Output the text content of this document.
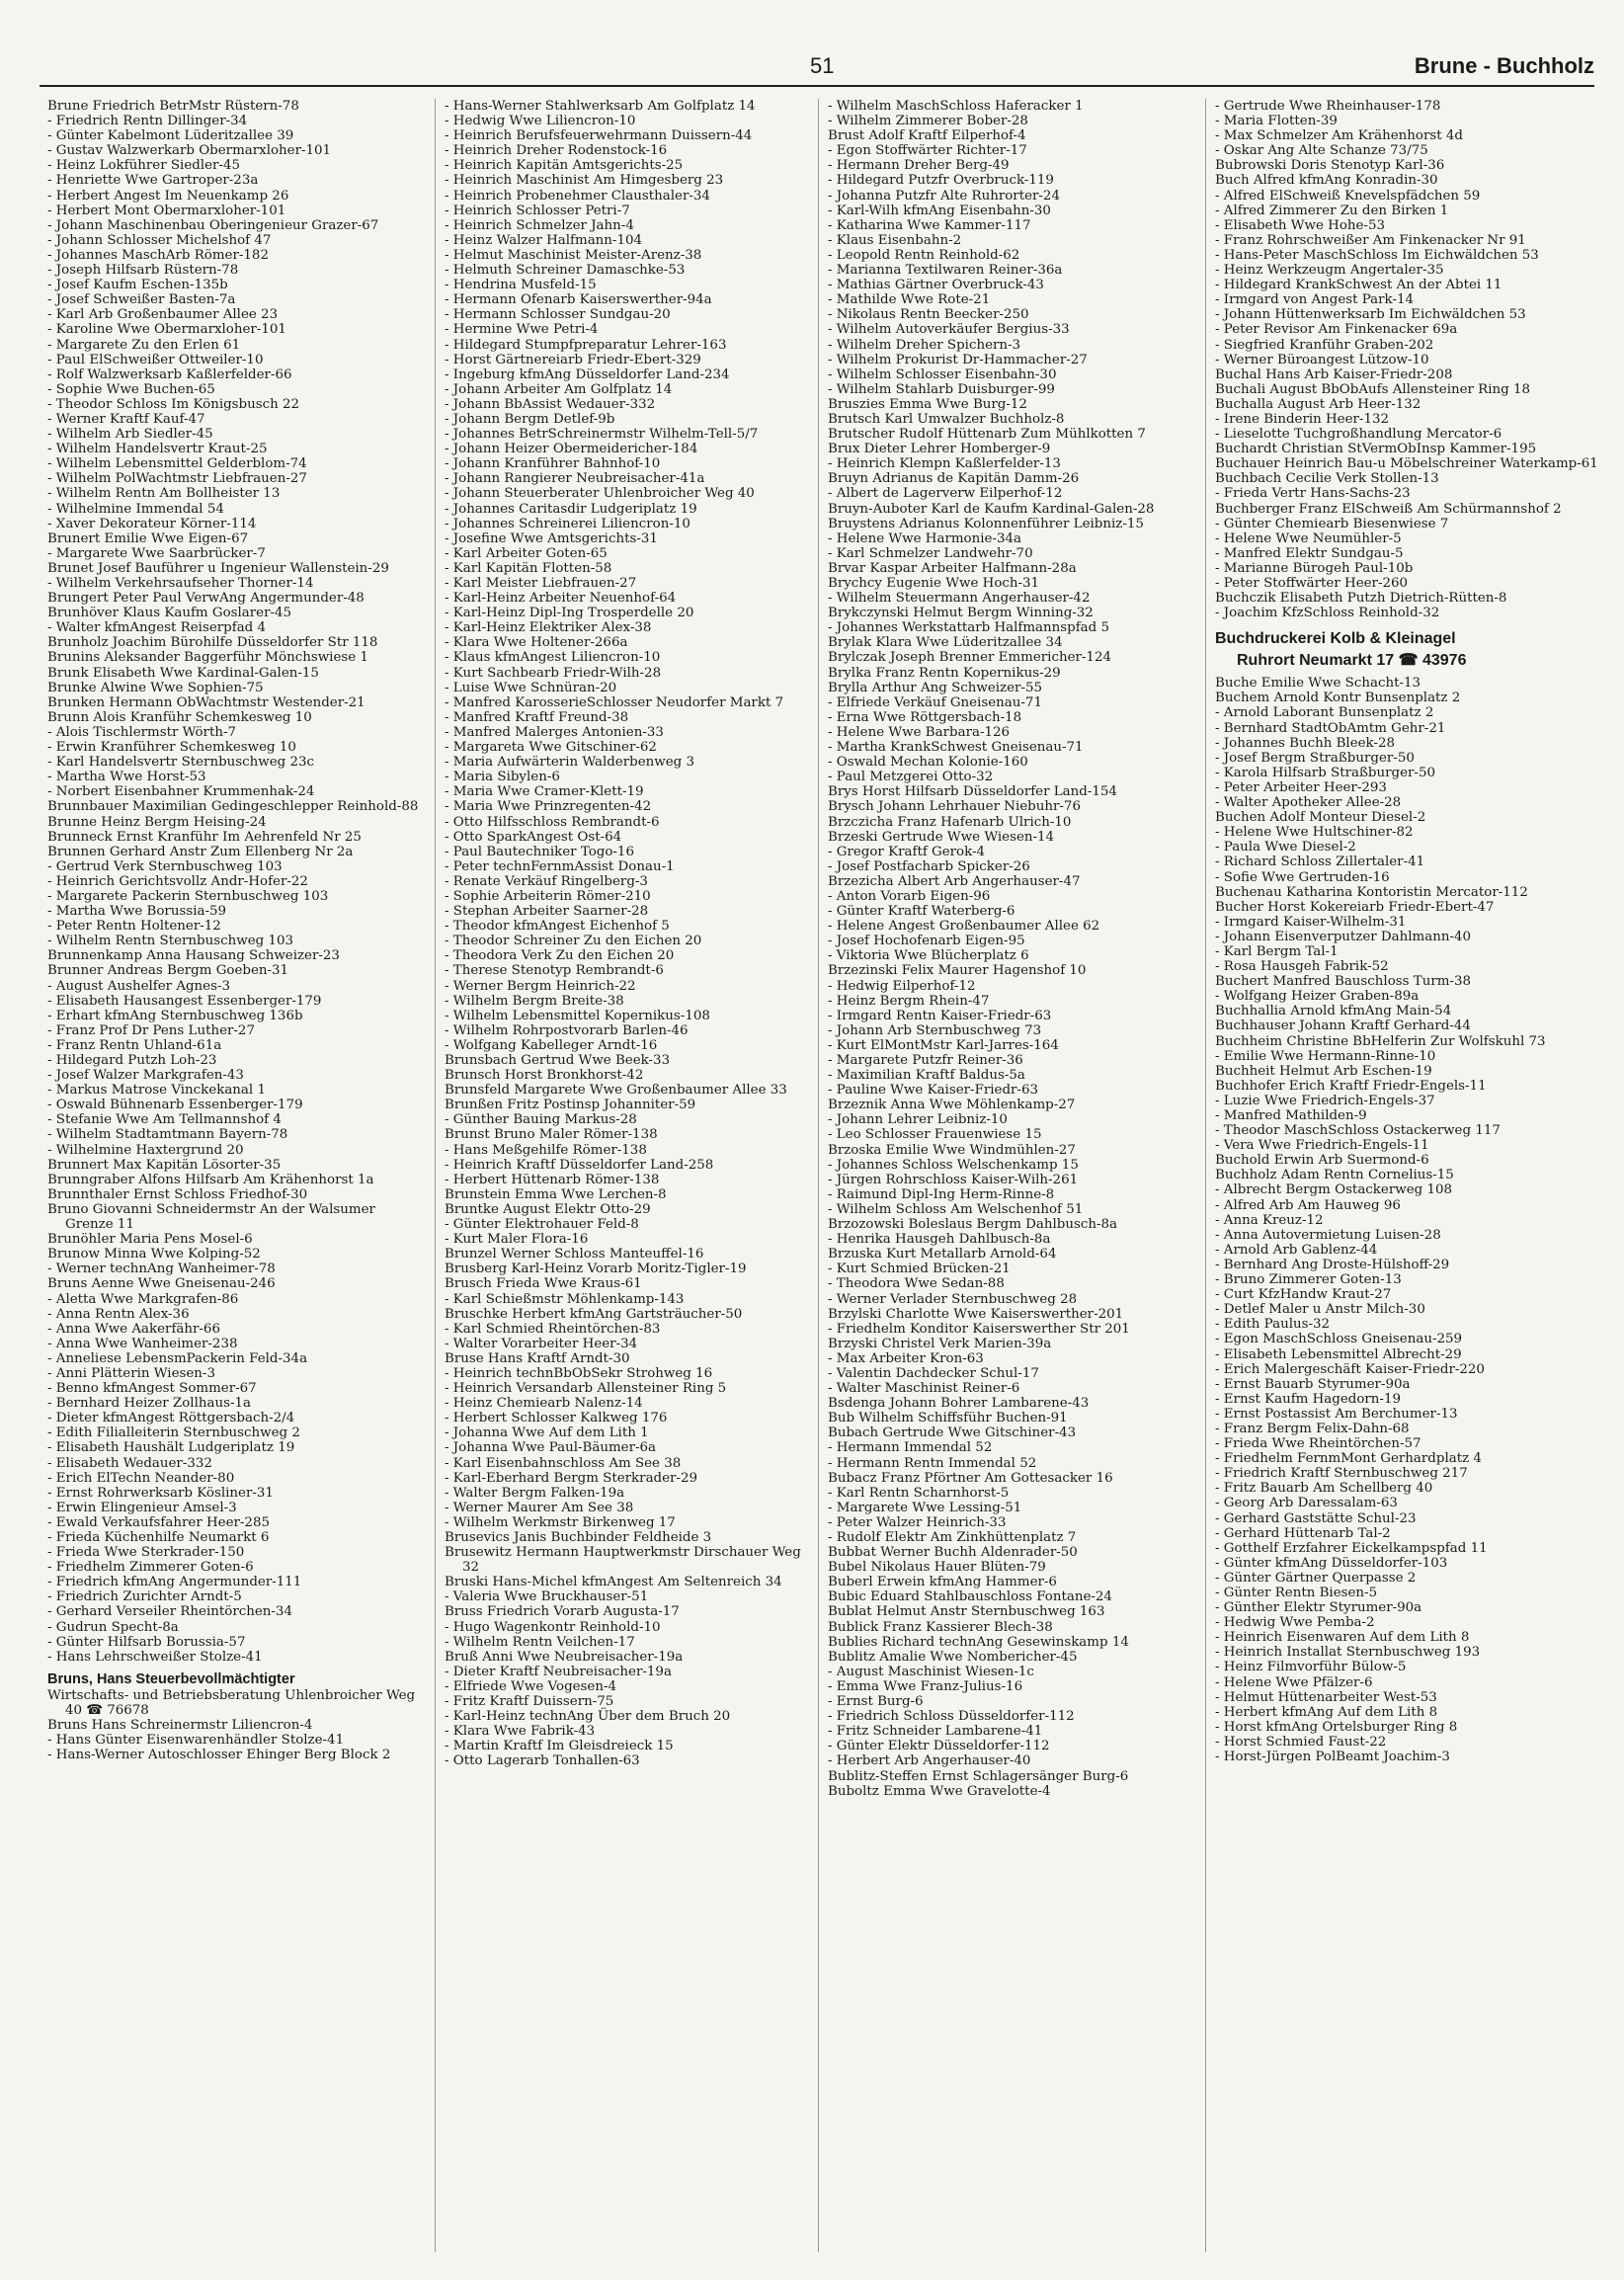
51	Brune - Buchholz
Brune Friedrich BetrMstr Rüstern-78
- Friedrich Rentn Dillinger-34
- Günter Kabelmont Lüderitzallee 39
- Gustav Walzwerkarb Obermarxloher-101
- Heinz Lokführer Siedler-45
- Henriette Wwe Gartroper-23a
- Herbert Angest Im Neuenkamp 26
- Herbert Mont Obermarxloher-101
- Johann Maschinenbau Oberingenieur Grazer-67
- Johann Schlosser Michelshof 47
- Johannes MaschArb Römer-182
- Joseph Hilfsarb Rüstern-78
- Josef Kaufm Eschen-135b
- Josef Schweißer Basten-7a
- Karl Arb Großenbaumer Allee 23
- Karoline Wwe Obermarxloher-101
- Margarete Zu den Erlen 61
- Paul ElSchweißer Ottweiler-10
- Rolf Walzwerksarb Kaßlerfelder-66
- Sophie Wwe Buchen-65
- Theodor Schloss Im Königsbusch 22
- Werner Kraftf Kauf-47
- Wilhelm Arb Siedler-45
- Wilhelm Handelsvertr Kraut-25
- Wilhelm Lebensmittel Gelderblom-74
- Wilhelm PolWachtmstr Liebfrauen-27
- Wilhelm Rentn Am Bollheister 13
- Wilhelmine Immendal 54
- Xaver Dekorateur Körner-114
Brunert Emilie Wwe Eigen-67
- Margarete Wwe Saarbrücker-7
Brunet Josef Bauführer u Ingenieur Wallenstein-29
- Wilhelm Verkehrsaufseher Thorner-14
Brungert Peter Paul VerwAng Angermunder-48
Brunhöver Klaus Kaufm Goslarer-45
- Walter kfmAngest Reiserpfad 4
Brunholz Joachim Bürohilfe Düsseldorfer Str 118
Brunins Aleksander Baggerführ Mönchswiese 1
Brunk Elisabeth Wwe Kardinal-Galen-15
Brunke Alwine Wwe Sophien-75
Brunken Hermann ObWachtmstr Westender-21
Brunn Alois Kranführ Schemkesweg 10
- Alois Tischlermstr Wörth-7
- Erwin Kranführer Schemkesweg 10
- Karl Handelsvertr Sternbuschweg 23c
- Martha Wwe Horst-53
- Norbert Eisenbahner Krummenhak-24
Brunnbauer Maximilian Gedingeschlepper Reinhold-88
Brunne Heinz Bergm Heising-24
Brunneck Ernst Kranführ Im Aehrenfeld Nr 25
Brunnen Gerhard Anstr Zum Ellenberg Nr 2a
- Gertrud Verk Sternbuschweg 103
- Heinrich Gerichtsvollz Andr-Hofer-22
- Margarete Packerin Sternbuschweg 103
- Martha Wwe Borussia-59
- Peter Rentn Holtener-12
- Wilhelm Rentn Sternbuschweg 103
Brunnenkamp Anna Hausang Schweizer-23
Brunner Andreas Bergm Goeben-31
- August Aushelfer Agnes-3
- Elisabeth Hausangest Essenberger-179
- Erhart kfmAng Sternbuschweg 136b
- Franz Prof Dr Pens Luther-27
- Franz Rentn Uhland-61a
- Hildegard Putzh Loh-23
- Josef Walzer Markgrafen-43
- Markus Matrose Vinckekanal 1
- Oswald Bühnenarb Essenberger-179
- Stefanie Wwe Am Tellmannshof 4
- Wilhelm Stadtamtmann Bayern-78
- Wilhelmine Haxtergrund 20
Brunnert Max Kapitän Lösorter-35
Brunngraber Alfons Hilfsarb Am Krähenhorst 1a
Brunnthaler Ernst Schloss Friedhof-30
Bruno Giovanni Schneidermstr An der Walsumer Grenze 11
Brunöhler Maria Pens Mosel-6
Brunow Minna Wwe Kolping-52
- Werner technAng Wanheimer-78
Bruns Aenne Wwe Gneisenau-246
- Aletta Wwe Markgrafen-86
- Anna Rentn Alex-36
- Anna Wwe Aakerfähr-66
- Anna Wwe Wanheimer-238
- Anneliese LebensmPackerin Feld-34a
- Anni Plätterin Wiesen-3
- Benno kfmAngest Sommer-67
- Bernhard Heizer Zollhaus-1a
- Dieter kfmAngest Röttgersbach-2/4
- Edith Filialleiterin Sternbuschweg 2
- Elisabeth Haushält Ludgeriplatz 19
- Elisabeth Wedauer-332
- Erich ElTechn Neander-80
- Ernst Rohrwerksarb Kösliner-31
- Erwin Elingenieur Amsel-3
- Ewald Verkaufsfahrer Heer-285
- Frieda Küchenhilfe Neumarkt 6
- Frieda Wwe Sterkrader-150
- Friedhelm Zimmerer Goten-6
- Friedrich kfmAng Angermunder-111
- Friedrich Zurichter Arndt-5
- Gerhard Verseiler Rheintörchen-34
- Gudrun Specht-8a
- Günter Hilfsarb Borussia-57
- Hans Lehrschweißer Stolze-41
Bruns, Hans Steuerbevollmächtigter
Wirtschafts- und Betriebsberatung Uhlenbroicher Weg 40 ☎ 76678
Bruns Hans Schreinermstr Liliencron-4
- Hans Günter Eisenwarenhändler Stolze-41
- Hans-Werner Autoschlosser Ehinger Berg Block 2
- Hans-Werner Stahlwerksarb Am Golfplatz 14
- Hedwig Wwe Liliencron-10
- Heinrich Berufsfeuerwehrmann Duissern-44
- Heinrich Dreher Rodenstock-16
- Heinrich Kapitän Amtsgerichts-25
- Heinrich Maschinist Am Himgesberg 23
- Heinrich Probenehmer Clausthaler-34
- Heinrich Schlosser Petri-7
- Heinrich Schmelzer Jahn-4
- Heinz Walzer Halfmann-104
- Helmut Maschinist Meister-Arenz-38
- Helmuth Schreiner Damaschke-53
- Hendrina Musfeld-15
- Hermann Ofenarb Kaiserswerther-94a
- Hermann Schlosser Sundgau-20
- Hermine Wwe Petri-4
- Hildegard Stumpfpreparatur Lehrer-163
- Horst Gärtnereiarb Friedr-Ebert-329
- Ingeburg kfmAng Düsseldorfer Land-234
- Johann Arbeiter Am Golfplatz 14
- Johann BbAssist Wedauer-332
- Johann Bergm Detlef-9b
- Johannes BetrSchreinermstr Wilhelm-Tell-5/7
- Johann Heizer Obermeidericher-184
- Johann Kranführer Bahnhof-10
- Johann Rangierer Neubreisacher-41a
- Johann Steuerberater Uhlenbroicher Weg 40
- Johannes Caritasdir Ludgeriplatz 19
- Johannes Schreinerei Liliencron-10
- Josefine Wwe Amtsgerichts-31
- Karl Arbeiter Goten-65
- Karl Kapitän Flotten-58
- Karl Meister Liebfrauen-27
- Karl-Heinz Arbeiter Neuenhof-64
- Karl-Heinz Dipl-Ing Trosperdelle 20
- Karl-Heinz Elektriker Alex-38
- Klara Wwe Holtener-266a
- Klaus kfmAngest Liliencron-10
- Kurt Sachbearb Friedr-Wilh-28
- Luise Wwe Schnüran-20
- Manfred KarosserieSchlosser Neudorfer Markt 7
- Manfred Kraftf Freund-38
- Manfred Malerges Antonien-33
- Margareta Wwe Gitschiner-62
- Maria Aufwärterin Walderbenweg 3
- Maria Sibylen-6
- Maria Wwe Cramer-Klett-19
- Maria Wwe Prinzregenten-42
- Otto Hilfsschloss Rembrandt-6
- Otto SparkAngest Ost-64
- Paul Bautechniker Togo-16
- Peter technFernmAssist Donau-1
- Renate Verkäuf Ringelberg-3
- Sophie Arbeiterin Römer-210
- Stephan Arbeiter Saarner-28
- Theodor kfmAngest Eichenhof 5
- Theodor Schreiner Zu den Eichen 20
- Theodora Verk Zu den Eichen 20
- Therese Stenotyp Rembrandt-6
- Werner Bergm Heinrich-22
- Wilhelm Bergm Breite-38
- Wilhelm Lebensmittel Kopernikus-108
- Wilhelm Rohrpostvorarb Barlen-46
- Wolfgang Kabelleger Arndt-16
Brunsbach Gertrud Wwe Beek-33
Brunsch Horst Bronkhorst-42
Brunsfeld Margarete Wwe Großenbaumer Allee 33
Brunßen Fritz Postinsp Johanniter-59
- Günther Bauing Markus-28
Brunst Bruno Maler Römer-138
- Hans Meßgehilfe Römer-138
- Heinrich Kraftf Düsseldorfer Land-258
- Herbert Hüttenarb Römer-138
Brunstein Emma Wwe Lerchen-8
Bruntke August Elektr Otto-29
- Günter Elektrohauer Feld-8
- Kurt Maler Flora-16
Brunzel Werner Schloss Manteuffel-16
Brusberg Karl-Heinz Vorarb Moritz-Tigler-19
Brusch Frieda Wwe Kraus-61
- Karl Schießmstr Möhlenkamp-143
Bruschke Herbert kfmAng Gartsträucher-50
- Karl Schmied Rheintörchen-83
- Walter Vorarbeiter Heer-34
Bruse Hans Kraftf Arndt-30
- Heinrich technBbObSekr Strohweg 16
- Heinrich Versandarb Allensteiner Ring 5
- Heinz Chemiearb Nalenz-14
- Herbert Schlosser Kalkweg 176
- Johanna Wwe Auf dem Lith 1
- Johanna Wwe Paul-Bäumer-6a
- Karl Eisenbahnschloss Am See 38
- Karl-Eberhard Bergm Sterkrader-29
- Walter Bergm Falken-19a
- Werner Maurer Am See 38
- Wilhelm Werkmstr Birkenweg 17
Brusevics Janis Buchbinder Feldheide 3
Brusewitz Hermann Hauptwerkmstr Dirschauer Weg 32
Bruski Hans-Michel kfmAngest Am Seltenreich 34
- Valeria Wwe Bruckhauser-51
Bruss Friedrich Vorarb Augusta-17
- Hugo Wagenkontr Reinhold-10
- Wilhelm Rentn Veilchen-17
Bruß Anni Wwe Neubreisacher-19a
- Dieter Kraftf Neubreisacher-19a
- Elfriede Wwe Vogesen-4
- Fritz Kraftf Duissern-75
- Karl-Heinz technAng Über dem Bruch 20
- Klara Wwe Fabrik-43
- Martin Kraftf Im Gleisdreieck 15
- Otto Lagerarb Tonhallen-63
- Wilhelm MaschSchloss Haferacker 1
- Wilhelm Zimmerer Bober-28
Brust Adolf Kraftf Eilperhof-4
- Egon Stoffwärter Richter-17
- Hermann Dreher Berg-49
- Hildegard Putzfr Overbruck-119
- Johanna Putzfr Alte Ruhrorter-24
- Karl-Wilh kfmAng Eisenbahn-30
- Katharina Wwe Kammer-117
- Klaus Eisenbahn-2
- Leopold Rentn Reinhold-62
- Marianna Textilwaren Reiner-36a
- Mathias Gärtner Overbruck-43
- Mathilde Wwe Rote-21
- Nikolaus Rentn Beecker-250
- Wilhelm Autoverkäufer Bergius-33
- Wilhelm Dreher Spichern-3
- Wilhelm Prokurist Dr-Hammacher-27
- Wilhelm Schlosser Eisenbahn-30
- Wilhelm Stahlarb Duisburger-99
Bruszies Emma Wwe Burg-12
Brutsch Karl Umwalzer Buchholz-8
Brutscher Rudolf Hüttenarb Zum Mühlkotten 7
Brux Dieter Lehrer Homberger-9
- Heinrich Klempn Kaßlerfelder-13
Bruyn Adrianus de Kapitän Damm-26
- Albert de Lagerverw Eilperhof-12
Bruyn-Auboter Karl de Kaufm Kardinal-Galen-28
Bruystens Adrianus Kolonnenführer Leibniz-15
- Helene Wwe Harmonie-34a
- Karl Schmelzer Landwehr-70
Brvar Kaspar Arbeiter Halfmann-28a
Brychcy Eugenie Wwe Hoch-31
- Wilhelm Steuermann Angerhauser-42
Brykczynski Helmut Bergm Winning-32
- Johannes Werkstattarb Halfmannspfad 5
Brylak Klara Wwe Lüderitzallee 34
Brylczak Joseph Brenner Emmericher-124
Brylka Franz Rentn Kopernikus-29
Brylla Arthur Ang Schweizer-55
- Elfriede Verkäuf Gneisenau-71
- Erna Wwe Röttgersbach-18
- Helene Wwe Barbara-126
- Martha KrankSchwest Gneisenau-71
- Oswald Mechan Kolonie-160
- Paul Metzgerei Otto-32
Brys Horst Hilfsarb Düsseldorfer Land-154
Brysch Johann Lehrhauer Niebuhr-76
Brzczicha Franz Hafenarb Ulrich-10
Brzeski Gertrude Wwe Wiesen-14
- Gregor Kraftf Gerok-4
- Josef Postfacharb Spicker-26
Brzezicha Albert Arb Angerhauser-47
- Anton Vorarb Eigen-96
- Günter Kraftf Waterberg-6
- Helene Angest Großenbaumer Allee 62
- Josef Hochofenarb Eigen-95
- Viktoria Wwe Blücherplatz 6
Brzezinski Felix Maurer Hagenshof 10
- Hedwig Eilperhof-12
- Heinz Bergm Rhein-47
- Irmgard Rentn Kaiser-Friedr-63
- Johann Arb Sternbuschweg 73
- Kurt ElMontMstr Karl-Jarres-164
- Margarete Putzfr Reiner-36
- Maximilian Kraftf Baldus-5a
- Pauline Wwe Kaiser-Friedr-63
Brzeznik Anna Wwe Möhlenkamp-27
- Johann Lehrer Leibniz-10
- Leo Schlosser Frauenwiese 15
Brzoska Emilie Wwe Windmühlen-27
- Johannes Schloss Welschenkamp 15
- Jürgen Rohrschloss Kaiser-Wilh-261
- Raimund Dipl-Ing Herm-Rinne-8
- Wilhelm Schloss Am Welschenhof 51
Brzozowski Boleslaus Bergm Dahlbusch-8a
- Henrika Hausgeh Dahlbusch-8a
Brzuska Kurt Metallarb Arnold-64
- Kurt Schmied Brücken-21
- Theodora Wwe Sedan-88
- Werner Verlader Sternbuschweg 28
Brzylski Charlotte Wwe Kaiserswerther-201
- Friedhelm Konditor Kaiserswerther Str 201
Brzyski Christel Verk Marien-39a
- Max Arbeiter Kron-63
- Valentin Dachdecker Schul-17
- Walter Maschinist Reiner-6
Bsdenga Johann Bohrer Lambarene-43
Bub Wilhelm Schiffsführ Buchen-91
Bubach Gertrude Wwe Gitschiner-43
- Hermann Immendal 52
- Hermann Rentn Immendal 52
Bubacz Franz Pförtner Am Gottesacker 16
- Karl Rentn Scharnhorst-5
- Margarete Wwe Lessing-51
- Peter Walzer Heinrich-33
- Rudolf Elektr Am Zinkhüttenplatz 7
Bubbat Werner Buchh Aldenrader-50
Bubel Nikolaus Hauer Blüten-79
Buberl Erwein kfmAng Hammer-6
Bubic Eduard Stahlbauschloss Fontane-24
Bublat Helmut Anstr Sternbuschweg 163
Bublick Franz Kassierer Blech-38
Bublies Richard technAng Gesewinskamp 14
Bublitz Amalie Wwe Nombericher-45
- August Maschinist Wiesen-1c
- Emma Wwe Franz-Julius-16
- Ernst Burg-6
- Friedrich Schloss Düsseldorfer-112
- Fritz Schneider Lambarene-41
- Günter Elektr Düsseldorfer-112
- Herbert Arb Angerhauser-40
Bublitz-Steffen Ernst Schlagersänger Burg-6
Buboltz Emma Wwe Gravelotte-4
- Gertrude Wwe Rheinhauser-178
- Maria Flotten-39
- Max Schmelzer Am Krähenhorst 4d
- Oskar Ang Alte Schanze 73/75
Bubrowski Doris Stenotyp Karl-36
Buch Alfred kfmAng Konradin-30
- Alfred ElSchweiß Knevelspfädchen 59
- Alfred Zimmerer Zu den Birken 1
- Elisabeth Wwe Hohe-53
- Franz Rohrschweißer Am Finkenacker Nr 91
- Hans-Peter MaschSchloss Im Eichwäldchen 53
- Heinz Werkzeugm Angertaler-35
- Hildegard KrankSchwest An der Abtei 11
- Irmgard von Angest Park-14
- Johann Hüttenwerksarb Im Eichwäldchen 53
- Peter Revisor Am Finkenacker 69a
- Siegfried Kranführ Graben-202
- Werner Büroangest Lützow-10
Buchal Hans Arb Kaiser-Friedr-208
Buchali August BbObAufs Allensteiner Ring 18
Buchalla August Arb Heer-132
- Irene Binderin Heer-132
- Lieselotte Tuchgroßhandlung Mercator-6
Buchardt Christian StVermObInsp Kammer-195
Buchauer Heinrich Bau-u Möbelschreiner Waterkamp-61
Buchbach Cecilie Verk Stollen-13
- Frieda Vertr Hans-Sachs-23
Buchberger Franz ElSchweiß Am Schürmannshof 2
- Günter Chemiearb Biesenwiese 7
- Helene Wwe Neumühler-5
- Manfred Elektr Sundgau-5
- Marianne Bürogeh Paul-10b
- Peter Stoffwärter Heer-260
Buchczik Elisabeth Putzh Dietrich-Rütten-8
- Joachim KfzSchloss Reinhold-32
Buchdruckerei Kolb & Kleinagel
Ruhrort Neumarkt 17 ☎ 43976
Buche Emilie Wwe Schacht-13
Buchem Arnold Kontr Bunsenplatz 2
- Arnold Laborant Bunsenplatz 2
- Bernhard StadtObAmtm Gehr-21
- Johannes Buchh Bleek-28
- Josef Bergm Straßburger-50
- Karola Hilfsarb Straßburger-50
- Peter Arbeiter Heer-293
- Walter Apotheker Allee-28
Buchen Adolf Monteur Diesel-2
- Helene Wwe Hultschiner-82
- Paula Wwe Diesel-2
- Richard Schloss Zillertaler-41
- Sofie Wwe Gertruden-16
Buchenau Katharina Kontoristin Mercator-112
Bucher Horst Kokereiarb Friedr-Ebert-47
- Irmgard Kaiser-Wilhelm-31
- Johann Eisenverputzer Dahlmann-40
- Karl Bergm Tal-1
- Rosa Hausgeh Fabrik-52
Buchert Manfred Bauschloss Turm-38
- Wolfgang Heizer Graben-89a
Buchhallia Arnold kfmAng Main-54
Buchhauser Johann Kraftf Gerhard-44
Buchheim Christine BbHelferin Zur Wolfskuhl 73
- Emilie Wwe Hermann-Rinne-10
Buchheit Helmut Arb Eschen-19
Buchhofer Erich Kraftf Friedr-Engels-11
- Luzie Wwe Friedrich-Engels-37
- Manfred Mathilden-9
- Theodor MaschSchloss Ostackerweg 117
- Vera Wwe Friedrich-Engels-11
Buchold Erwin Arb Suermond-6
Buchholz Adam Rentn Cornelius-15
- Albrecht Bergm Ostackerweg 108
- Alfred Arb Am Hauweg 96
- Anna Kreuz-12
- Anna Autovermietung Luisen-28
- Arnold Arb Gablenz-44
- Bernhard Ang Droste-Hülshoff-29
- Bruno Zimmerer Goten-13
- Curt KfzHandw Kraut-27
- Detlef Maler u Anstr Milch-30
- Edith Paulus-32
- Egon MaschSchloss Gneisenau-259
- Elisabeth Lebensmittel Albrecht-29
- Erich Malergeschäft Kaiser-Friedr-220
- Ernst Bauarb Styrumer-90a
- Ernst Kaufm Hagedorn-19
- Ernst Postassist Am Berchumer-13
- Franz Bergm Felix-Dahn-68
- Frieda Wwe Rheintörchen-57
- Friedhelm FernmMont Gerhardplatz 4
- Friedrich Kraftf Sternbuschweg 217
- Fritz Bauarb Am Schellberg 40
- Georg Arb Daressalam-63
- Gerhard Gaststätte Schul-23
- Gerhard Hüttenarb Tal-2
- Gotthelf Erzfahrer Eickelkampspfad 11
- Günter kfmAng Düsseldorfer-103
- Günter Gärtner Querpasse 2
- Günter Rentn Biesen-5
- Günther Elektr Styrumer-90a
- Hedwig Wwe Pemba-2
- Heinrich Eisenwaren Auf dem Lith 8
- Heinrich Installat Sternbuschweg 193
- Heinz Filmvorführ Bülow-5
- Helene Wwe Pfälzer-6
- Helmut Hüttenarbeiter West-53
- Herbert kfmAng Auf dem Lith 8
- Horst kfmAng Ortelsburger Ring 8
- Horst Schmied Faust-22
- Horst-Jürgen PolBeamt Joachim-3
